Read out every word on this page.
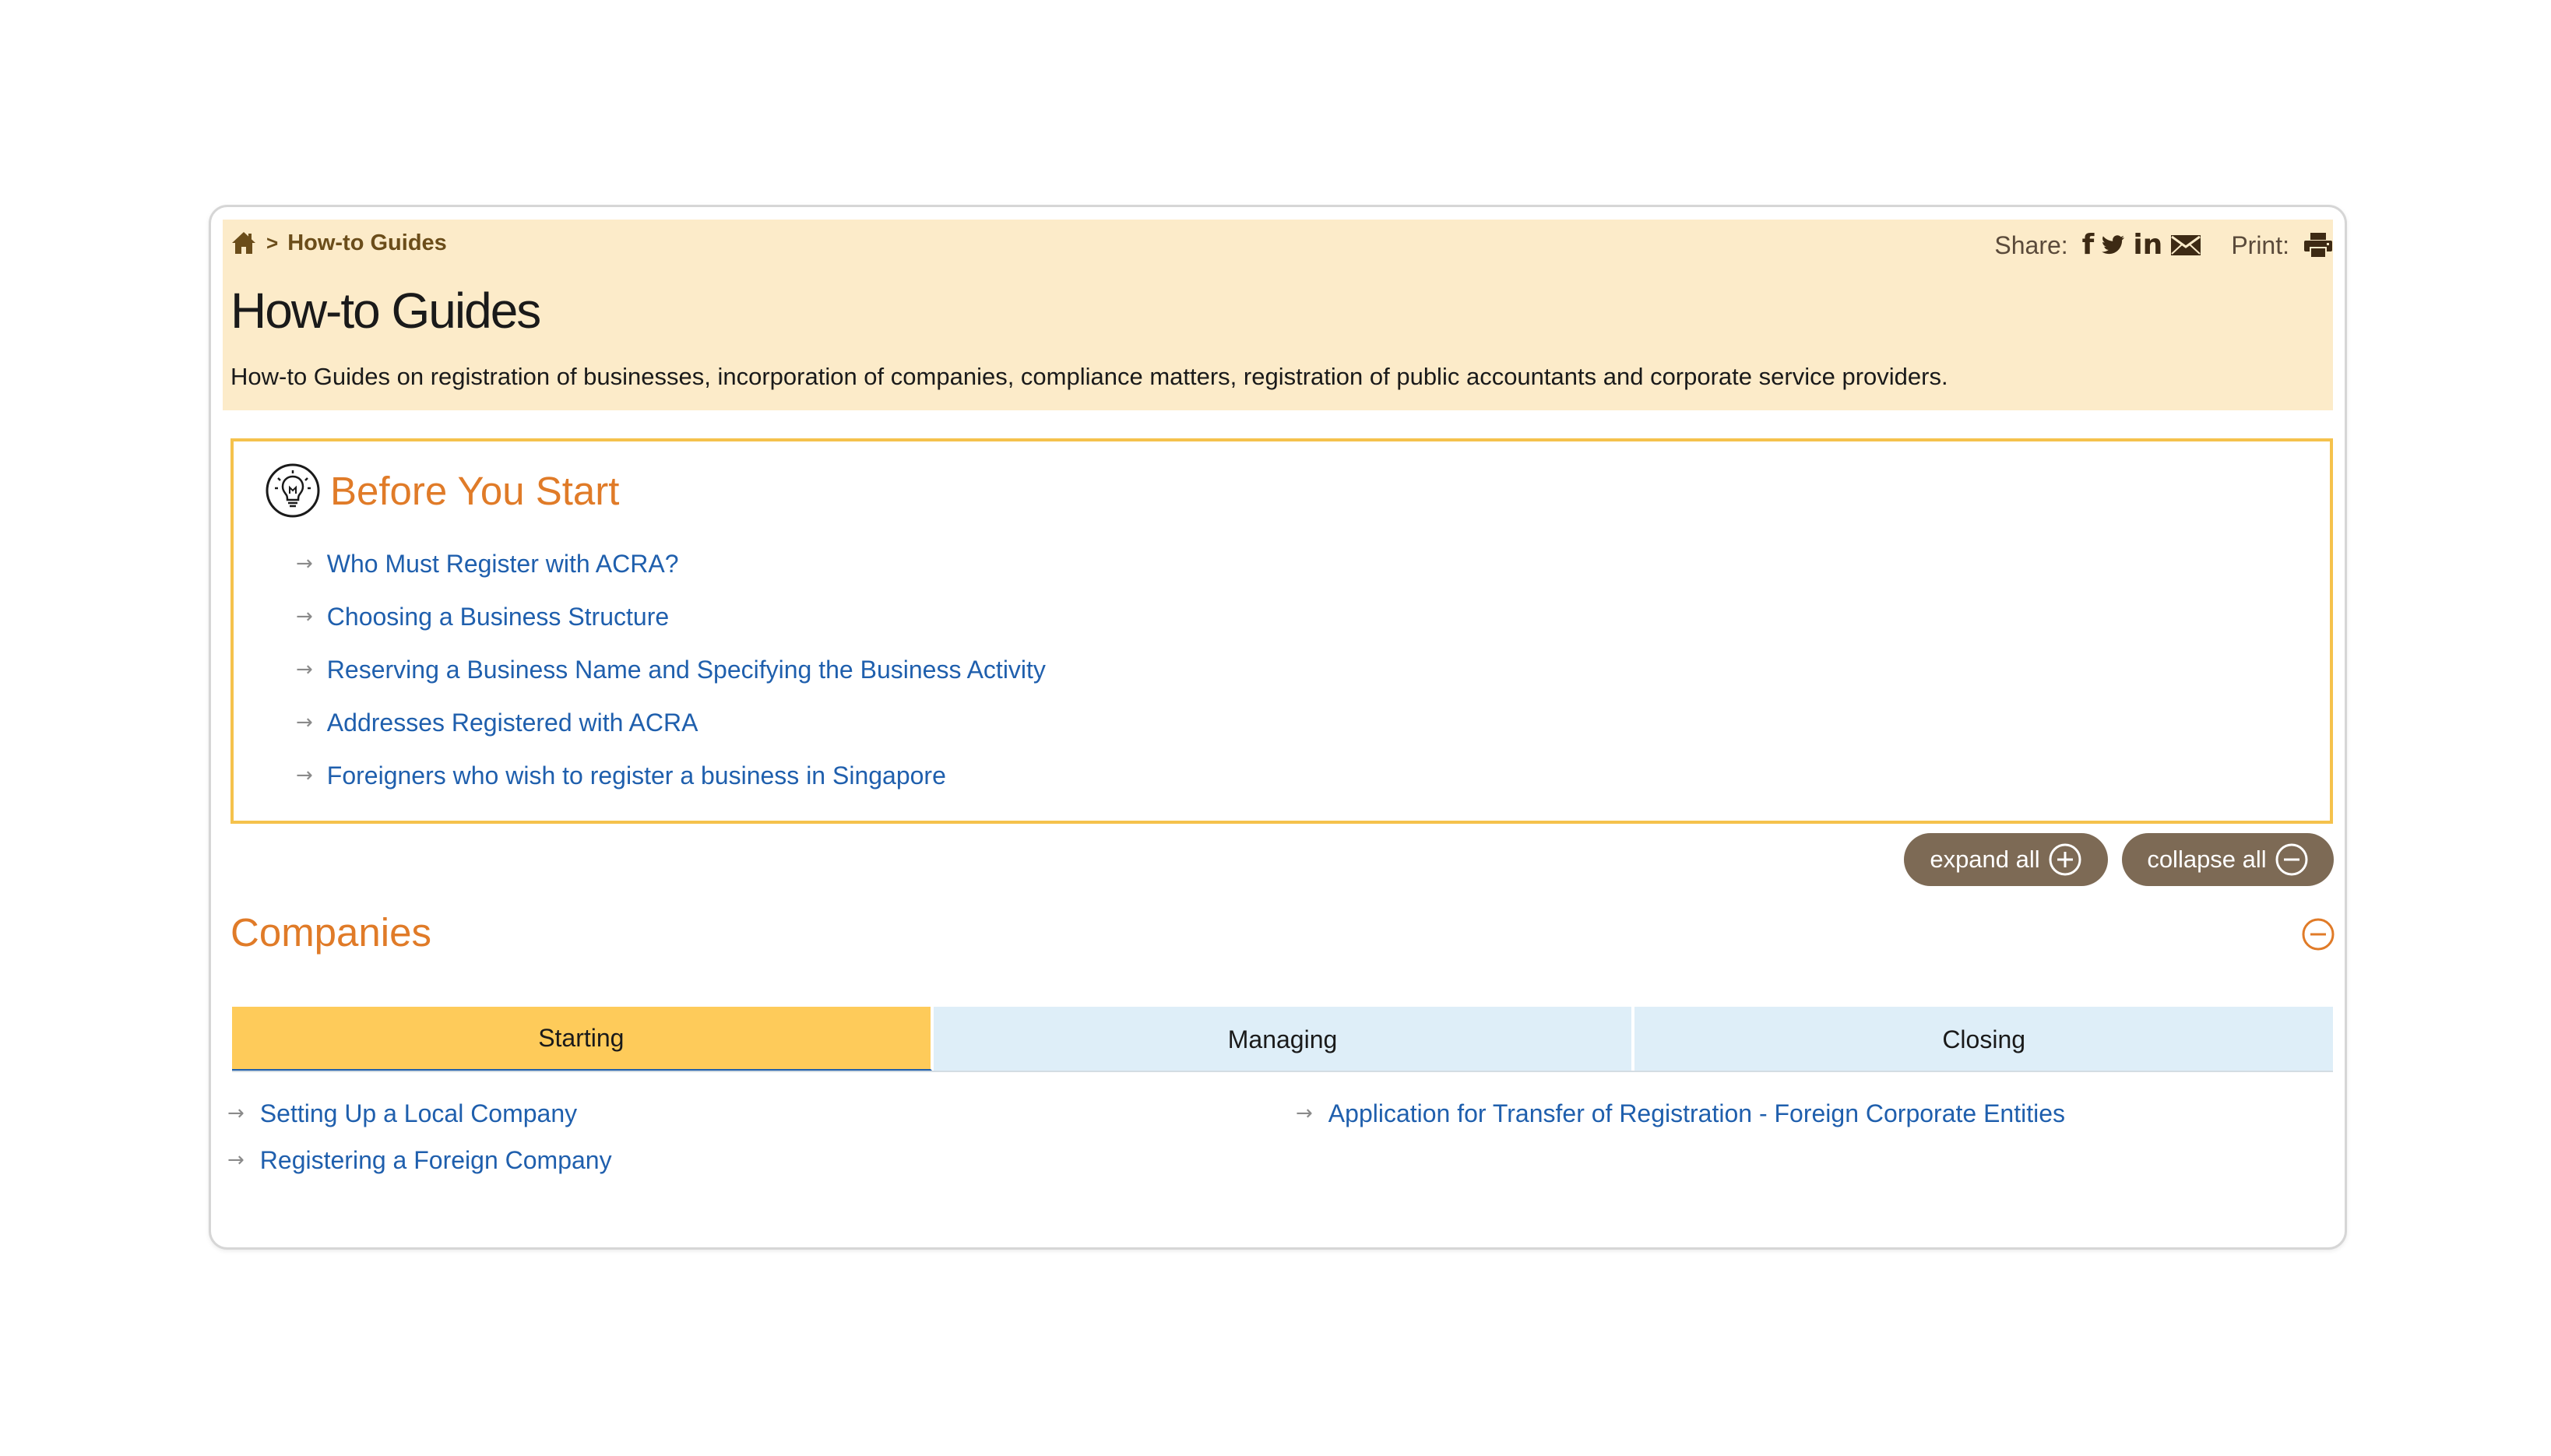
> How-to Guides	Share: f in	Print:
How-to Guides
How-to Guides on registration of businesses, incorporation of companies, compliance matters, registration of public accountants and corporate service providers.
Before You Start
→ Who Must Register with ACRA?
→ Choosing a Business Structure
→ Reserving a Business Name and Specifying the Business Activity
→ Addresses Registered with ACRA
→ Foreigners who wish to register a business in Singapore
expand all	collapse all
Companies
Starting	Managing	Closing
→ Setting Up a Local Company
→ Registering a Foreign Company
→ Application for Transfer of Registration - Foreign Corporate Entities
